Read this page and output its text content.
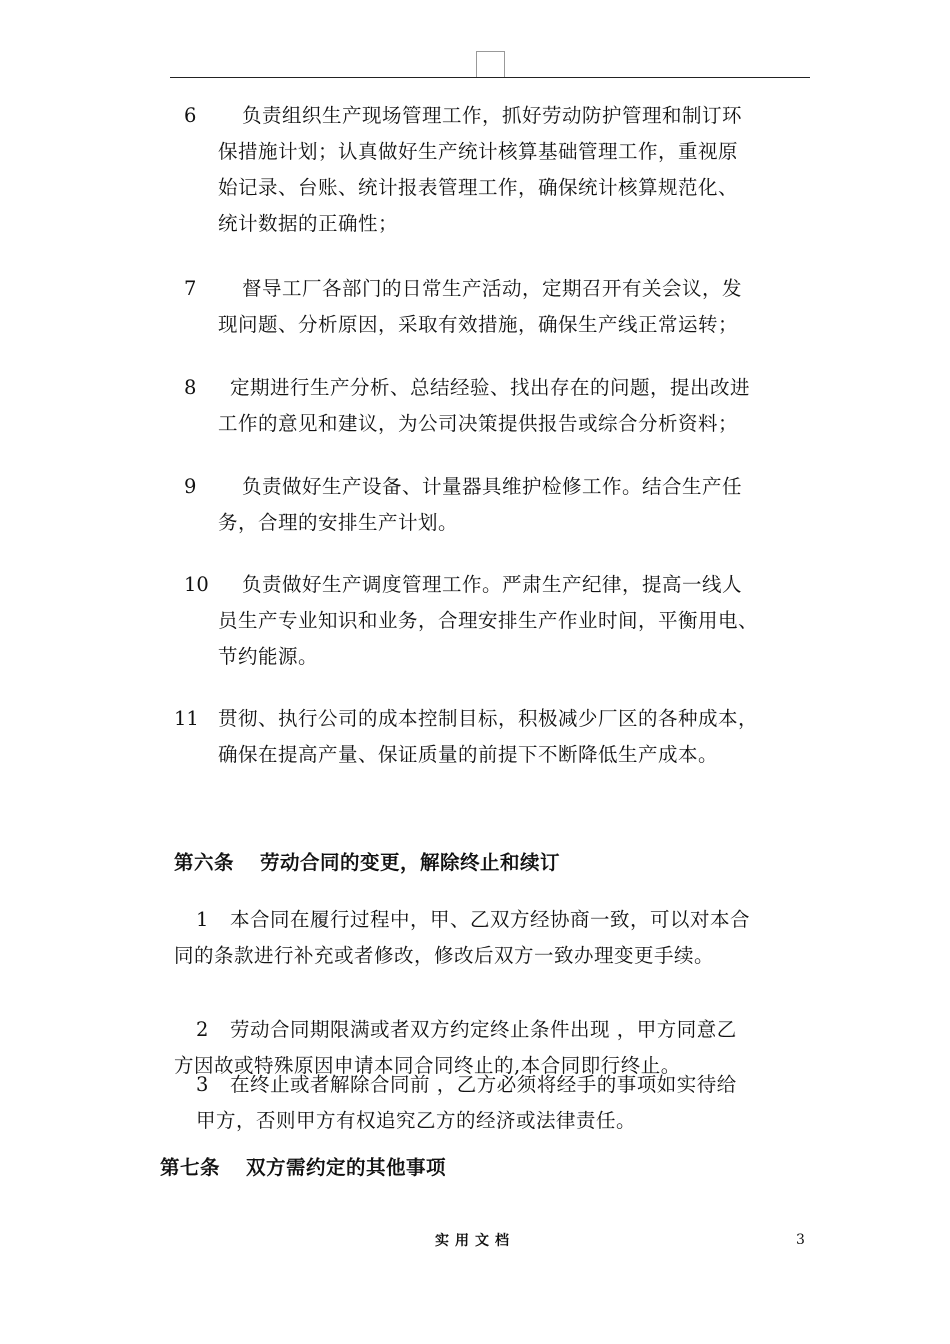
6 负责组织生产现场管理工作，抓好劳动防护管理和制订环
保措施计划；认真做好生产统计核算基础管理工作，重视原
始记录、台账、统计报表管理工作，确保统计核算规范化、
统计数据的正确性；
7 督导工厂各部门的日常生产活动，定期召开有关会议，发
现问题、分析原因，采取有效措施，确保生产线正常运转；
8 定期进行生产分析、总结经验、找出存在的问题，提出改进
工作的意见和建议，为公司决策提供报告或综合分析资料；
9 负责做好生产设备、计量器具维护检修工作。结合生产任
务，合理的安排生产计划。
10 负责做好生产调度管理工作。严肃生产纪律，提高一线人
员生产专业知识和业务，合理安排生产作业时间，平衡用电、
节约能源。
11 贯彻、执行公司的成本控制目标，积极减少厂区的各种成本，
确保在提高产量、保证质量的前提下不断降低生产成本。
第六条 劳动合同的变更，解除终止和续订
1 本合同在履行过程中，甲、乙双方经协商一致，可以对本合
同的条款进行补充或者修改，修改后双方一致办理变更手续。
2 劳动合同期限满或者双方约定终止条件出现 ，甲方同意乙
方因故或特殊原因申请本同合同终止的,本合同即行终止。
3 在终止或者解除合同前 ，乙方必须将经手的事项如实待给
甲方，否则甲方有权追究乙方的经济或法律责任。
第七条 双方需约定的其他事项
实用文档	3
